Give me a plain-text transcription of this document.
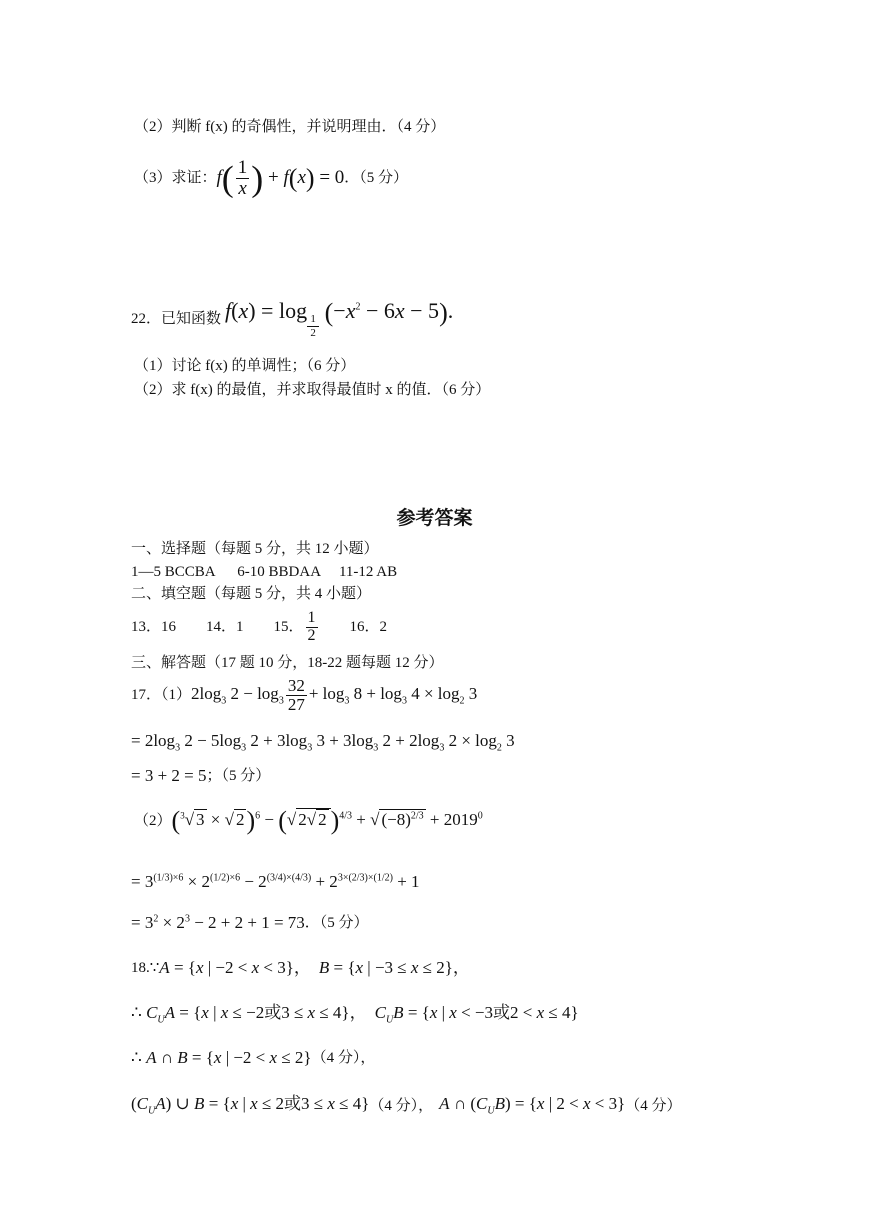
（2）判断 f(x) 的奇偶性，并说明理由．（4 分）
（3）求证： $f( \frac{1}{x}$ ) + f(x) = 0 ．（5 分）
22．已知函数 f(x) = log
$\frac{1}{2} (-x^2 - 6x - 5)$.
（1）讨论 f(x) 的单调性；（6 分）
（2）求 f(x) 的最值，并求取得最值时 x 的值．（6 分）
参考答案
一、选择题（每题 5 分，共 12 小题）
1—5 BCCBA      6-10 BBDAA     11-12 AB
二、填空题（每题 5 分，共 4 小题）
13．16 14．1 15． $\frac{1}{2} 16$．2
三、解答题（17 题 10 分，18-22 题每题 12 分）
17．（1） $2\log_3$ $2 - \log_3 \frac{32}{27} + \log_3 8 + \log_3 4 \times \log_2 3$
= $2\log_3$ $2 - 5\log_3$ $2 + 3\log_3$ $3 + 3\log_3$ $2 + 2\log_3$ $2 \times \log_2 3$
= 3 + 2 = 5 ；（5 分）
（2） ($^3$√ 3 × √ 2)$^6$ − (√ 2√ 2 )$^{4/3}$ + √ $(-8)^{2/3} + 2019^0$
= $3^{(1/3)\times 6} \times 2^{(1/2)\times 6} - 2^{(3/4)\times(4/3)} + 2^{3\times(2/3)\times(1/2)} + 1$
= $3^2 \times 2^3 - 2 + 2 + 1 = 73$ ．（5 分）
18.∵ A = {x | −2 < x < 3}， B = {x | −3 ≤ x ≤ 2}，
∴ $C_UA = \{x$ | x ≤ −2或3 ≤ x ≤ 4}， $C_UB = \{x$ | x < −3或2 < x ≤ 4}
∴ A ∩ B = {x | −2 < x ≤ 2} （4 分），
$(C_UA)$ ∪ B = {x | x ≤ 2或3 ≤ x ≤ 4} （4 分）， A ∩ $(C_UB) = \{x$ | 2 < x < 3} （4 分）
